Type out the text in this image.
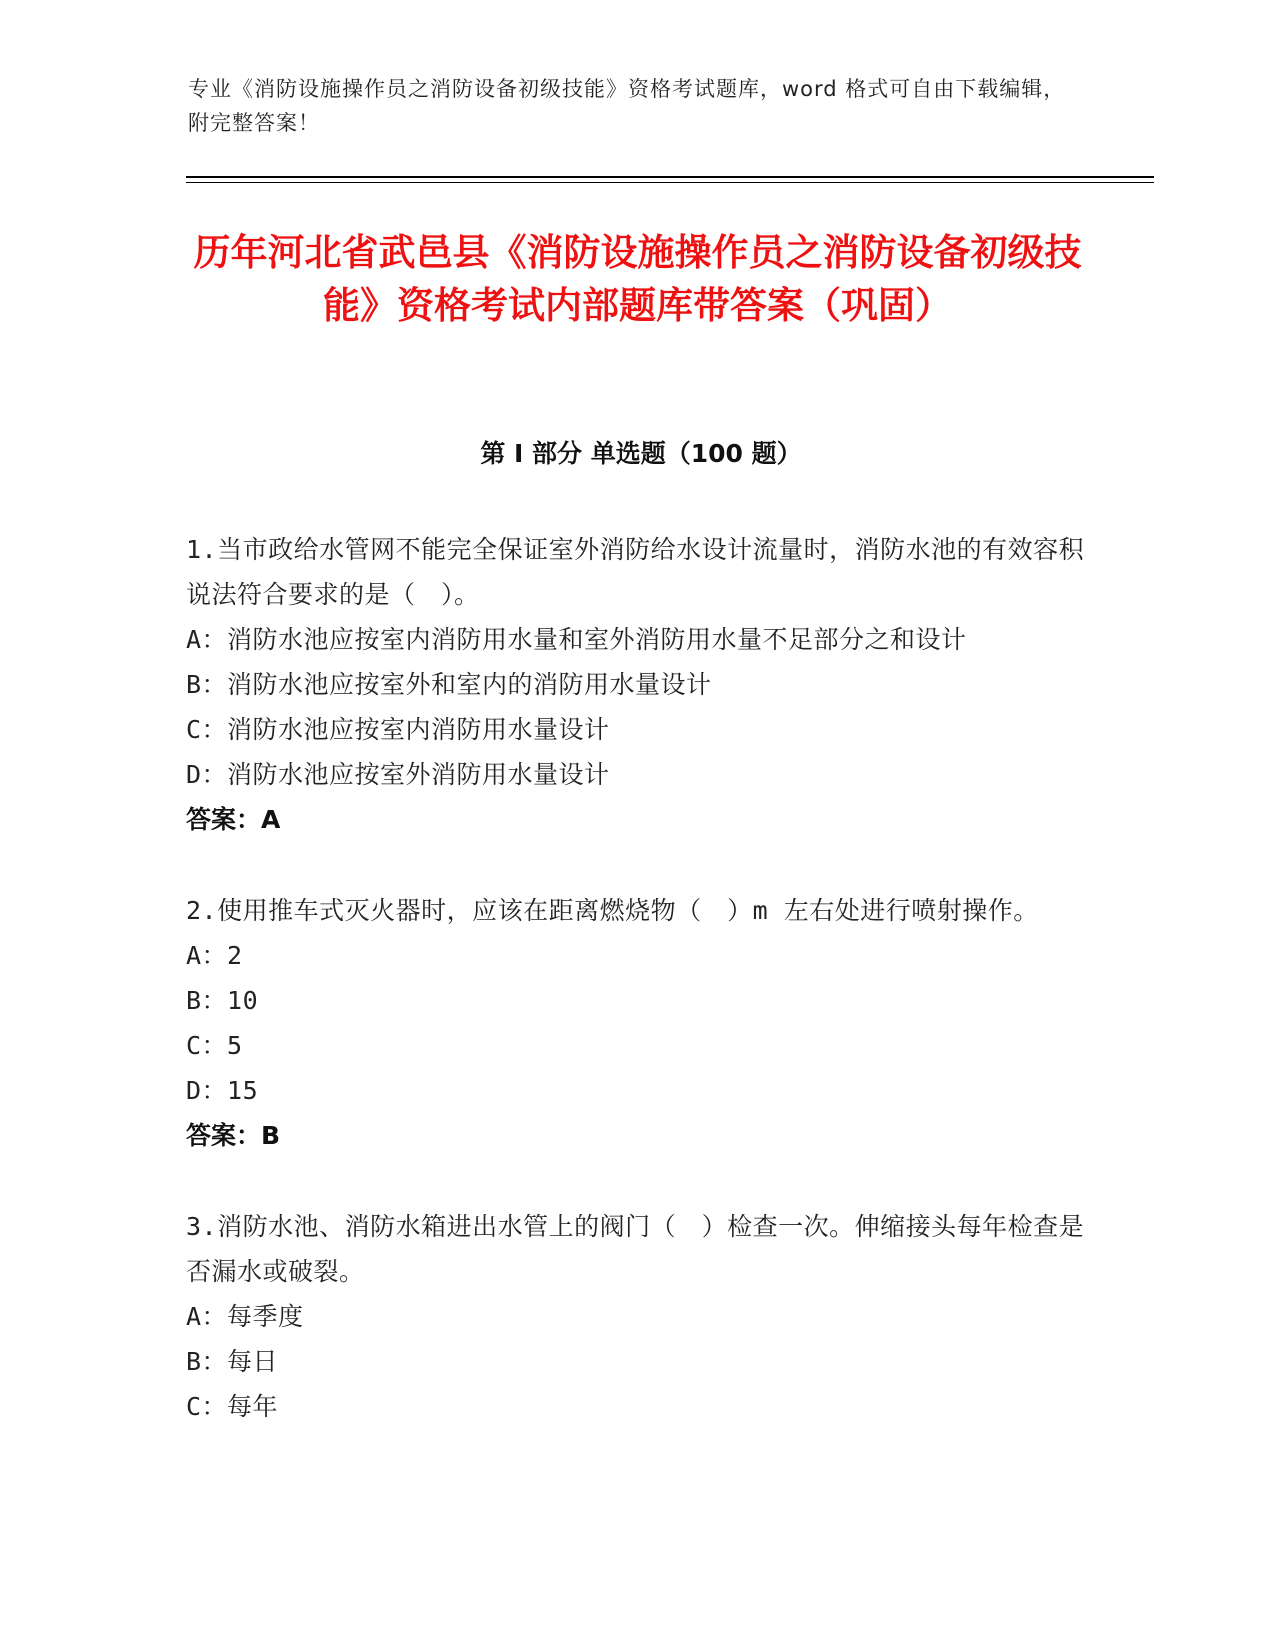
专业《消防设施操作员之消防设备初级技能》资格考试题库，word 格式可自由下载编辑，附完整答案！
历年河北省武邑县《消防设施操作员之消防设备初级技能》资格考试内部题库带答案（巩固）
第 I 部分 单选题（100 题）
1.当市政给水管网不能完全保证室外消防给水设计流量时，消防水池的有效容积说法符合要求的是（　）。
A：消防水池应按室内消防用水量和室外消防用水量不足部分之和设计
B：消防水池应按室外和室内的消防用水量设计
C：消防水池应按室内消防用水量设计
D：消防水池应按室外消防用水量设计
答案：A
2.使用推车式灭火器时，应该在距离燃烧物（　）m 左右处进行喷射操作。
A：2
B：10
C：5
D：15
答案：B
3.消防水池、消防水箱进出水管上的阀门（　）检查一次。伸缩接头每年检查是否漏水或破裂。
A：每季度
B：每日
C：每年
